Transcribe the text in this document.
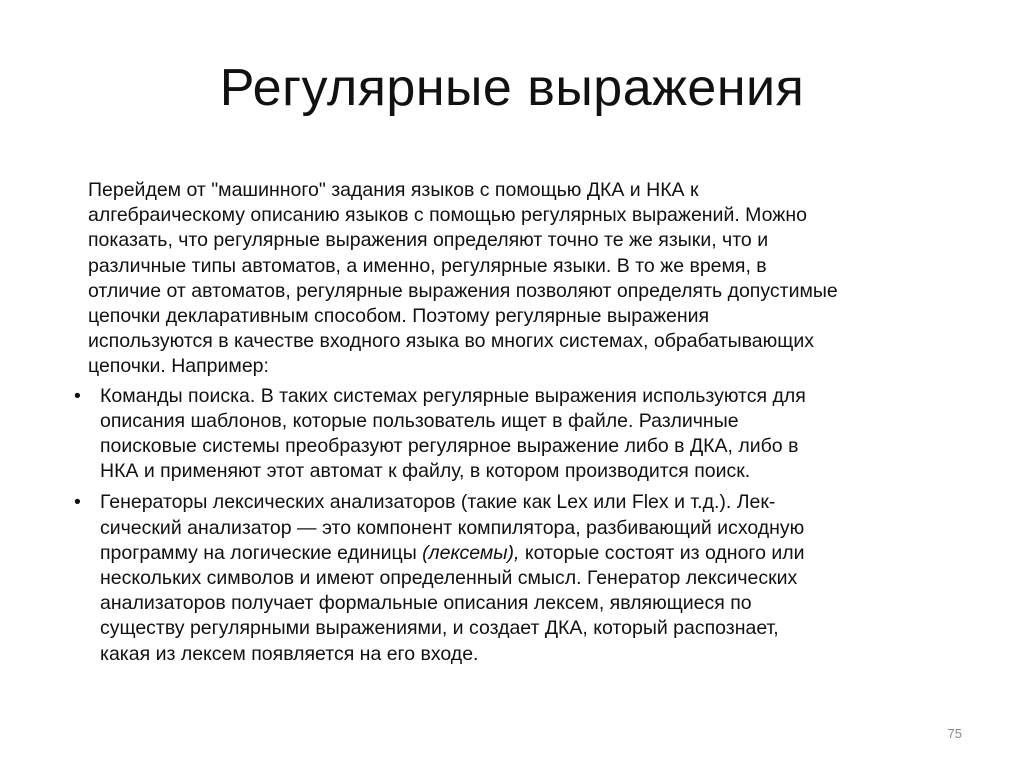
Регулярные выражения

Перейдем от "машинного" задания языков с помощью ДКА и НКА к
алгебраическому описанию языков с помощью регулярных выражений. Можно
показать, что регулярные выражения определяют точно те же языки, что и
различные типы автоматов, а именно, регулярные языки. В то же время, в
отличие от автоматов, регулярные выражения позволяют определять допустимые
цепочки декларативным способом. Поэтому регулярные выражения
используются в качестве входного языка во многих системах, обрабатывающих
цепочки. Например:

• Команды поиска. В таких системах регулярные выражения используются для
описания шаблонов, которые пользователь ищет в файле. Различные
поисковые системы преобразуют регулярное выражение либо в ДКА, либо в
НКА и применяют этот автомат к файлу, в котором производится поиск.
• Генераторы лексических анализаторов (такие как Lex или Flex и т.д.). Лек-
сический анализатор — это компонент компилятора, разбивающий исходную
программу на логические единицы (лексемы), которые состоят из одного или
нескольких символов и имеют определенный смысл. Генератор лексических
анализаторов получает формальные описания лексем, являющиеся по
существу регулярными выражениями, и создает ДКА, который распознает,
какая из лексем появляется на его входе.
75
